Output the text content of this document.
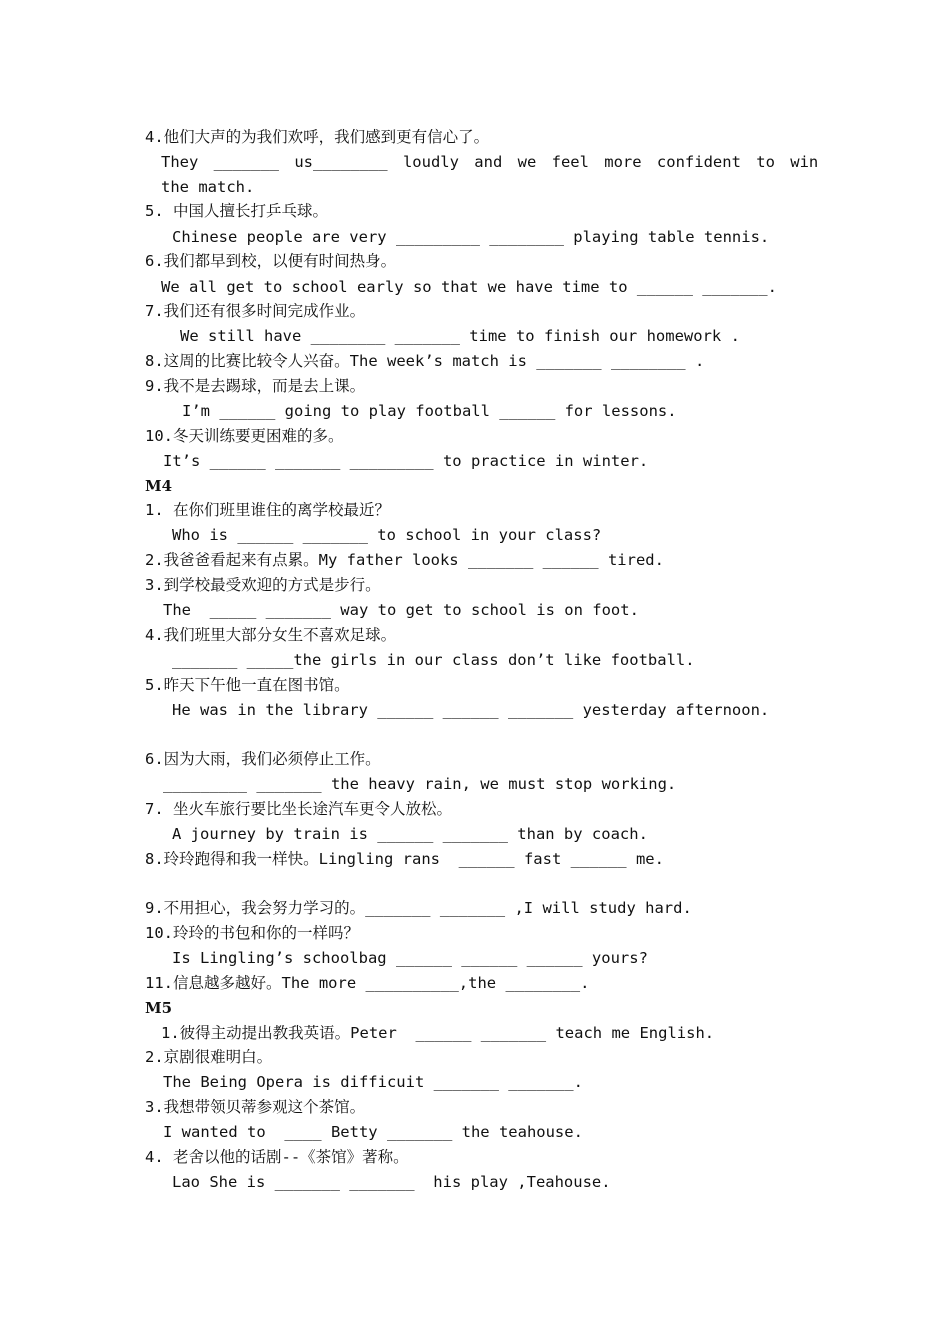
4.他们大声的为我们欢呼，我们感到更有信心了。
They _______ us________ loudly and we feel more confident to win
the match.
5. 中国人擅长打乒乓球。
Chinese people are very _________ ________ playing table tennis.
6.我们都早到校，以便有时间热身。
We all get to school early so that we have time to ______ _______.
7.我们还有很多时间完成作业。
We still have ________ _______ time to finish our homework .
8.这周的比赛比较令人兴奋。The week’s match is _______ ________ .
9.我不是去踢球，而是去上课。
I’m ______ going to play football ______ for lessons.
10.冬天训练要更困难的多。
It’s ______ _______ _________ to practice in winter.
M4
1. 在你们班里谁住的离学校最近？
Who is ______ _______ to school in your class?
2.我爸爸看起来有点累。My father looks _______ ______ tired.
3.到学校最受欢迎的方式是步行。
The  _____ _______ way to get to school is on foot.
4.我们班里大部分女生不喜欢足球。
_______ _____the girls in our class don’t like football.
5.昨天下午他一直在图书馆。
He was in the library ______ ______ _______ yesterday afternoon.
6.因为大雨，我们必须停止工作。
_________ _______ the heavy rain, we must stop working.
7. 坐火车旅行要比坐长途汽车更令人放松。
A journey by train is ______ _______ than by coach.
8.玲玲跑得和我一样快。Lingling rans  ______ fast ______ me.
9.不用担心，我会努力学习的。_______ _______ ,I will study hard.
10.玲玲的书包和你的一样吗？
Is Lingling’s schoolbag ______ ______ ______ yours?
11.信息越多越好。The more __________,the ________.
M5
1.彼得主动提出教我英语。Peter  ______ _______ teach me English.
2.京剧很难明白。
The Being Opera is difficuit _______ _______.
3.我想带领贝蒂参观这个茶馆。
I wanted to  ____ Betty _______ the teahouse.
4. 老舍以他的话剧--《茶馆》著称。
Lao She is _______ _______  his play ,Teahouse.
